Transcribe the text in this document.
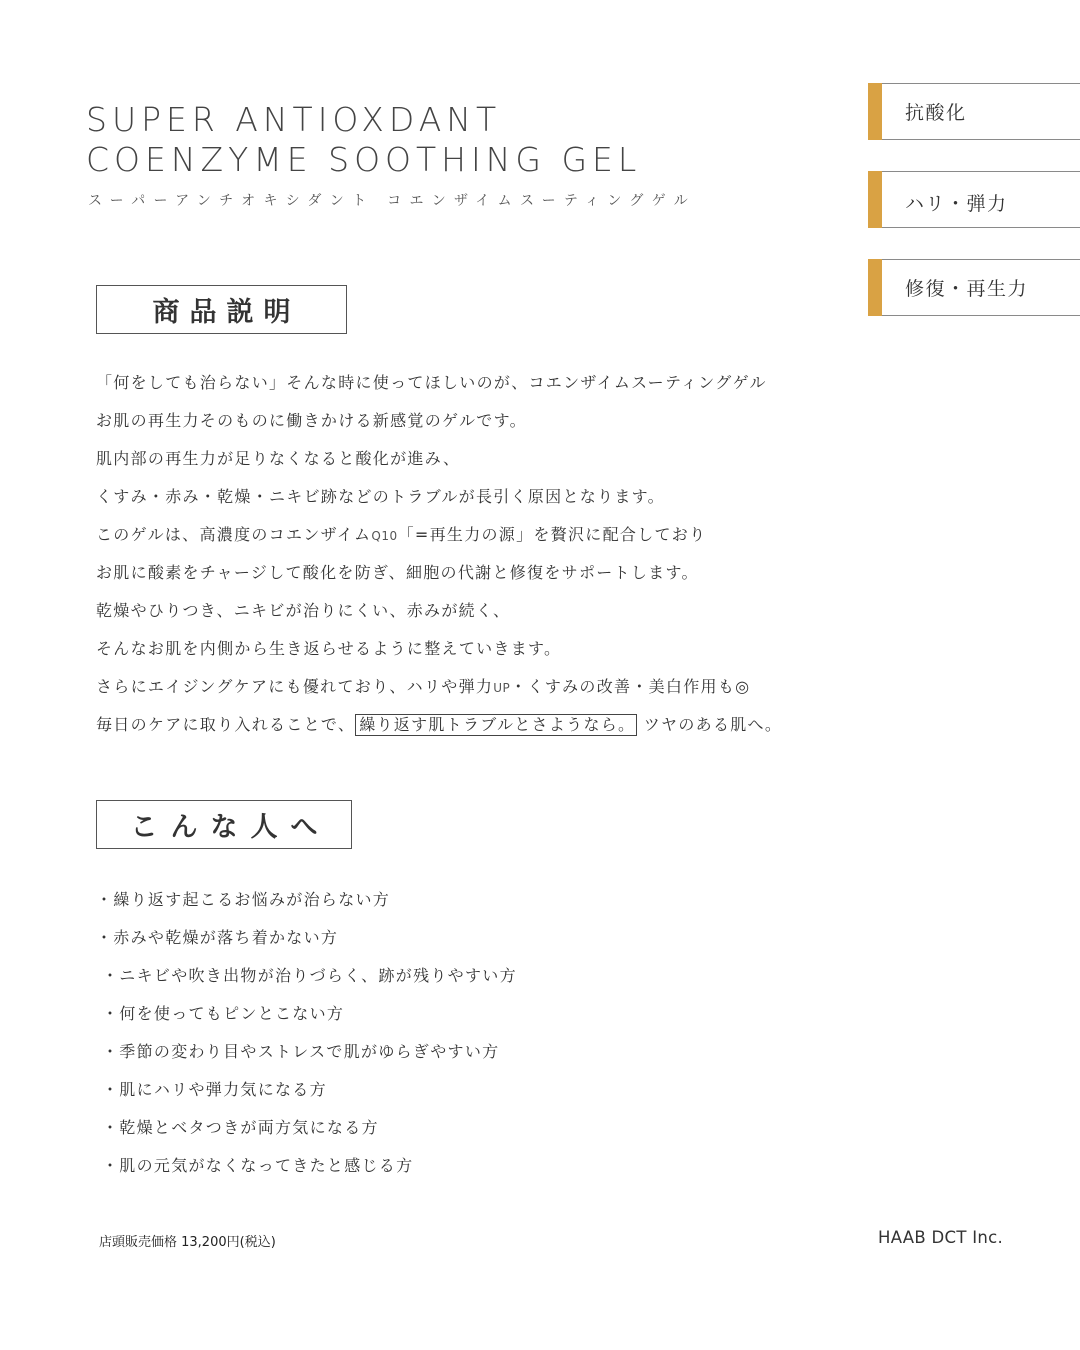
SUPER ANTIOXDANT
COENZYME SOOTHING GEL
スーパーアンチオキシダント コエンザイムスーティングゲル
抗酸化
ハリ・弾力
修復・再生力
商品説明
「何をしても治らない」そんな時に使ってほしいのが、コエンザイムスーティングゲル
お肌の再生力そのものに働きかける新感覚のゲルです。
肌内部の再生力が足りなくなると酸化が進み、
くすみ・赤み・乾燥・ニキビ跡などのトラブルが長引く原因となります。
このゲルは、高濃度のコエンザイムQ10「=再生力の源」を贅沢に配合しており
お肌に酸素をチャージして酸化を防ぎ、細胞の代謝と修復をサポートします。
乾燥やひりつき、ニキビが治りにくい、赤みが続く、
そんなお肌を内側から生き返らせるように整えていきます。
さらにエイジングケアにも優れており、ハリや弾力UP・くすみの改善・美白作用も◎
毎日のケアに取り入れることで、 繰り返す肌トラブルとさようなら。 ツヤのある肌へ。
こんな人へ
・繰り返す起こるお悩みが治らない方
・赤みや乾燥が落ち着かない方
・ニキビや吹き出物が治りづらく、跡が残りやすい方
・何を使ってもピンとこない方
・季節の変わり目やストレスで肌がゆらぎやすい方
・肌にハリや弾力気になる方
・乾燥とベタつきが両方気になる方
・肌の元気がなくなってきたと感じる方
店頭販売価格 13,200円(税込)	HAAB DCT Inc.
